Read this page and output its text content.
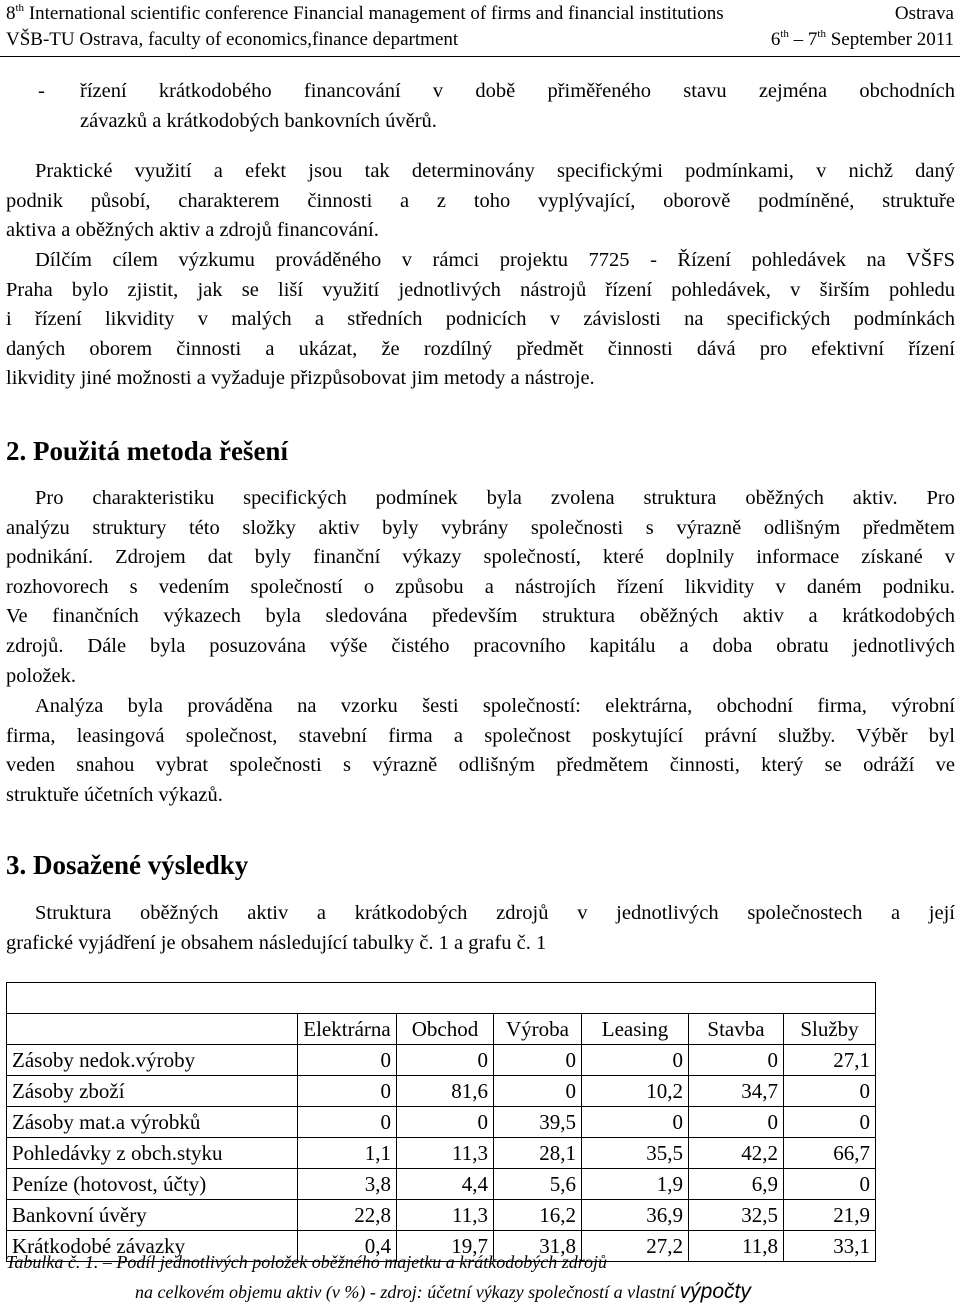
8th International scientific conference Financial management of firms and financial institutions	Ostrava
VŠB-TU Ostrava, faculty of economics,finance department	6th – 7th September 2011
- řízení krátkodobého financování v době přiměřeného stavu zejména obchodních
závazků a krátkodobých bankovních úvěrů.
Praktické využití a efekt jsou tak determinovány specifickými podmínkami, v nichž daný
podnik působí, charakterem činnosti a z toho vyplývající, oborově podmíněné, struktuře
aktiva a oběžných aktiv a zdrojů financování.
Dílčím cílem výzkumu prováděného v rámci projektu 7725 - Řízení pohledávek na VŠFS
Praha bylo zjistit, jak se liší využití jednotlivých nástrojů řízení pohledávek, v širším pohledu
i řízení likvidity v malých a středních podnicích v závislosti na specifických podmínkách
daných oborem činnosti a ukázat, že rozdílný předmět činnosti dává pro efektivní řízení
likvidity jiné možnosti a vyžaduje přizpůsobovat jim metody a nástroje.
2. Použitá metoda řešení
Pro charakteristiku specifických podmínek byla zvolena struktura oběžných aktiv. Pro
analýzu struktury této složky aktiv byly vybrány společnosti s výrazně odlišným předmětem
podnikání. Zdrojem dat byly finanční výkazy společností, které doplnily informace získané v
rozhovorech s vedením společností o způsobu a nástrojích řízení likvidity v daném podniku.
Ve finančních výkazech byla sledována především struktura oběžných aktiv a krátkodobých
zdrojů. Dále byla posuzována výše čistého pracovního kapitálu a doba obratu jednotlivých
položek.
Analýza byla prováděna na vzorku šesti společností: elektrárna, obchodní firma, výrobní
firma, leasingová společnost, stavební firma a společnost poskytující právní služby. Výběr byl
veden snahou vybrat společnosti s výrazně odlišným předmětem činnosti, který se odráží ve
struktuře účetních výkazů.
3. Dosažené výsledky
Struktura oběžných aktiv a krátkodobých zdrojů v jednotlivých společnostech a její
grafické vyjádření je obsahem následující tabulky č. 1 a grafu č. 1

	Elektrárna	Obchod	Výroba	Leasing	Stavba	Služby
Zásoby nedok.výroby	0	0	0	0	0	27,1
Zásoby zboží	0	81,6	0	10,2	34,7	0
Zásoby mat.a výrobků	0	0	39,5	0	0	0
Pohledávky z obch.styku	1,1	11,3	28,1	35,5	42,2	66,7
Peníze (hotovost, účty)	3,8	4,4	5,6	1,9	6,9	0
Bankovní úvěry	22,8	11,3	16,2	36,9	32,5	21,9
Krátkodobé závazky	0,4	19,7	31,8	27,2	11,8	33,1
Tabulka č. 1. – Podíl jednotlivých položek oběžného majetku a krátkodobých zdrojů
na celkovém objemu aktiv (v %) - zdroj: účetní výkazy společností a vlastní výpočty
